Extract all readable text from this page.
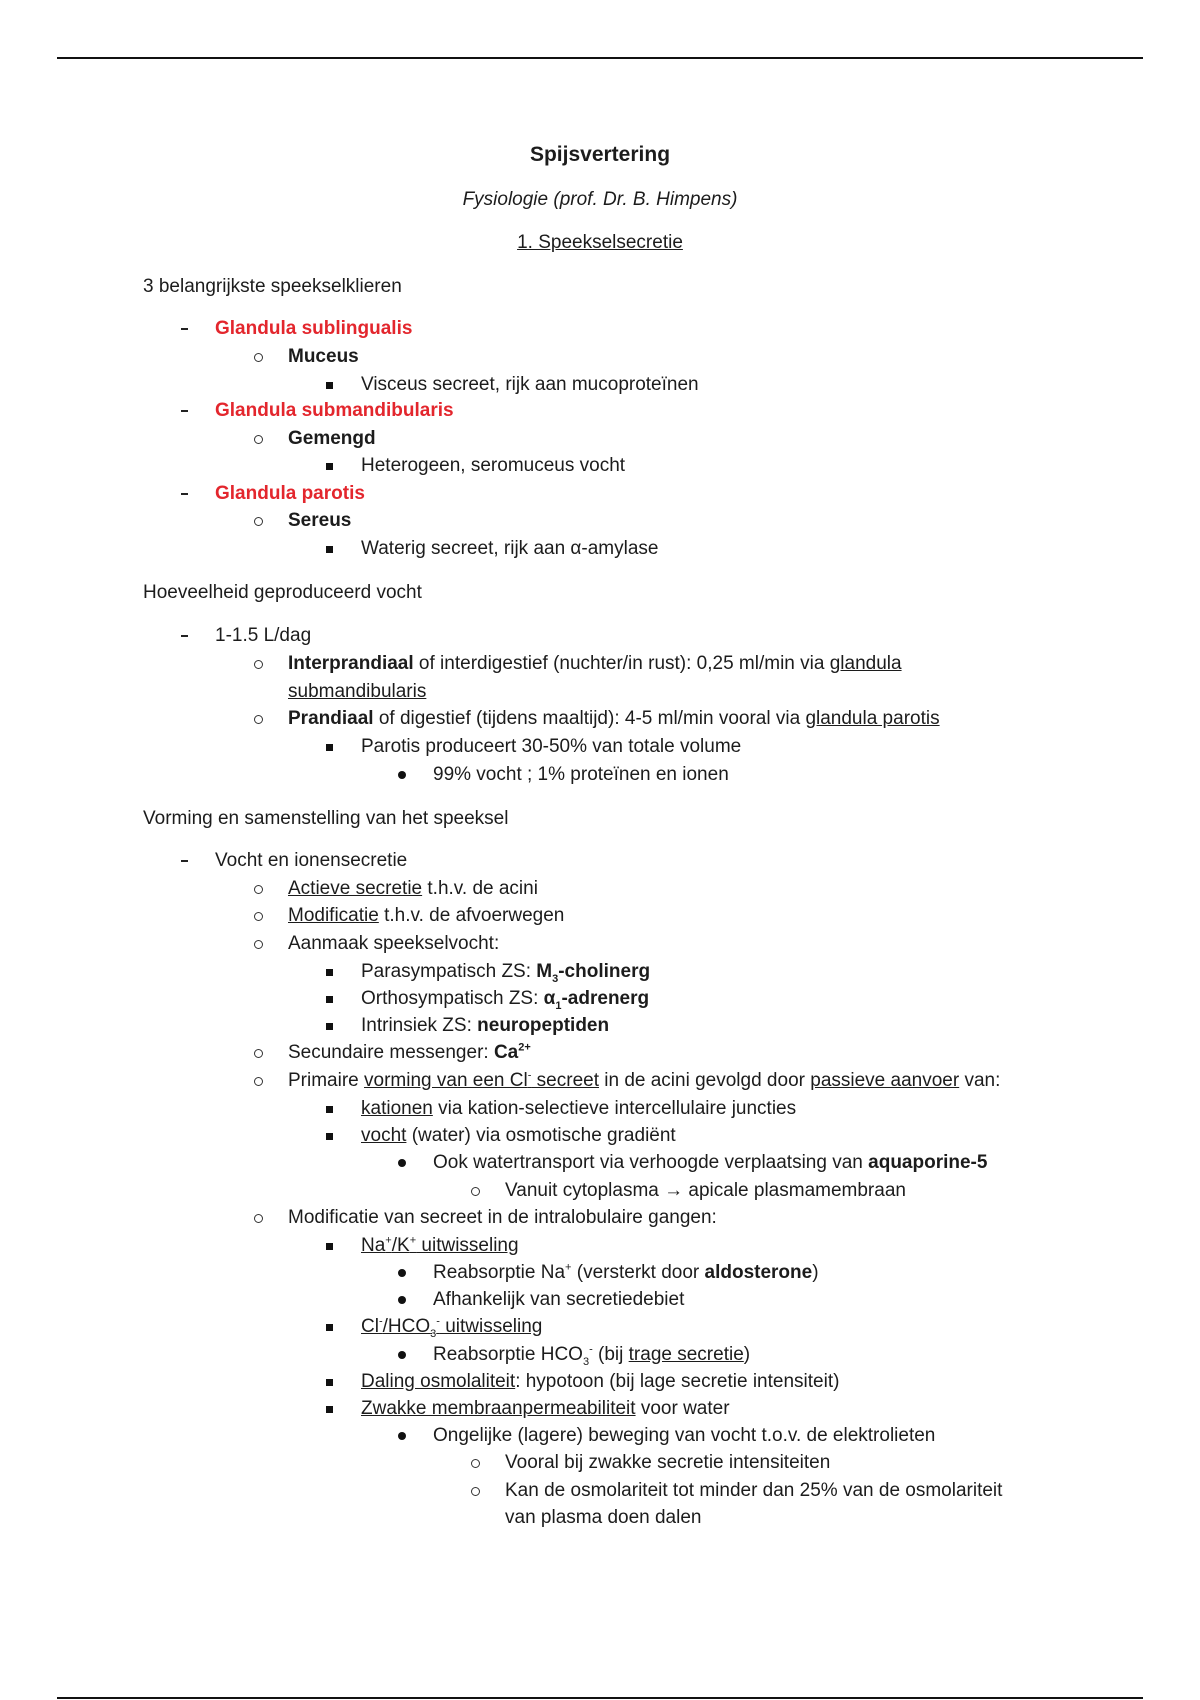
Spijsvertering
Fysiologie (prof. Dr. B. Himpens)
1. Speekselsecretie
3 belangrijkste speekselklieren
Glandula sublingualis
Muceus
Visceus secreet, rijk aan mucoproteïnen
Glandula submandibularis
Gemengd
Heterogeen, seromuceus vocht
Glandula parotis
Sereus
Waterig secreet, rijk aan α-amylase
Hoeveelheid geproduceerd vocht
1-1.5 L/dag
Interprandiaal of interdigestief (nuchter/in rust): 0,25 ml/min via glandula
submandibularis
Prandiaal of digestief (tijdens maaltijd): 4-5 ml/min vooral via glandula parotis
Parotis produceert 30-50% van totale volume
99% vocht ; 1% proteïnen en ionen
Vorming en samenstelling van het speeksel
Vocht en ionensecretie
Actieve secretie t.h.v. de acini
Modificatie t.h.v. de afvoerwegen
Aanmaak speekselvocht:
Parasympatisch ZS: $M_3$-cholinerg
Orthosympatisch ZS: $\alpha_1$-adrenerg
Intrinsiek ZS: neuropeptiden
Secundaire messenger: $Ca^{2+}$
Primaire vorming van een Cl- secreet in de acini gevolgd door passieve aanvoer van:
kationen via kation-selectieve intercellulaire juncties
vocht (water) via osmotische gradiënt
Ook watertransport via verhoogde verplaatsing van aquaporine-5
Vanuit cytoplasma → apicale plasmamembraan
Modificatie van secreet in de intralobulaire gangen:
Na+/K+ uitwisseling
Reabsorptie Na+ (versterkt door aldosterone)
Afhankelijk van secretiedebiet
$Cl^-/HCO_3^-$ uitwisseling
Reabsorptie $HCO_3^-$ (bij trage secretie)
Daling osmolaliteit: hypotoon (bij lage secretie intensiteit)
Zwakke membraanpermeabiliteit voor water
Ongelijke (lagere) beweging van vocht t.o.v. de elektrolieten
Vooral bij zwakke secretie intensiteiten
Kan de osmolariteit tot minder dan 25% van de osmolariteit
van plasma doen dalen
